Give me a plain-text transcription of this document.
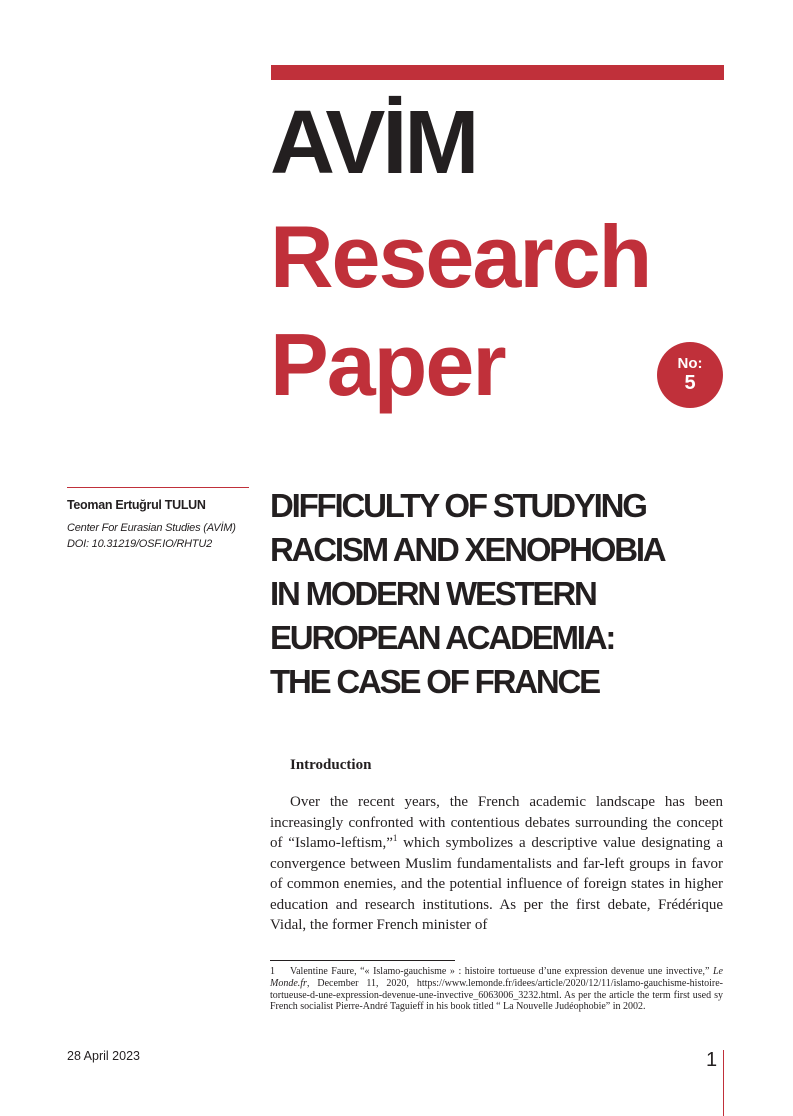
AVİM
Research
Paper	No:
5
Teoman Ertuğrul TULUN
Center For Eurasian Studies (AVİM)
DOI: 10.31219/OSF.IO/RHTU2
DIFFICULTY OF STUDYING
RACISM AND XENOPHOBIA
IN MODERN WESTERN
EUROPEAN ACADEMIA:
THE CASE OF FRANCE
Introduction

Over the recent years, the French academic landscape has been increasingly confronted with contentious debates surrounding the concept of “Islamo-leftism,”$^1$ which symbolizes a descriptive value designating a convergence between Muslim fundamentalists and far-left groups in favor of common enemies, and the potential influence of foreign states in higher education and research institutions. As per the first debate, Frédérique Vidal, the former French minister of

1 Valentine Faure, “« Islamo-gauchisme » : histoire tortueuse d’une expression devenue une invective,” Le Monde.fr, December 11, 2020, https://www.lemonde.fr/idees/article/2020/12/11/islamo-gauchisme-histoire-tortueuse-d-une-expression-devenue-une-invective_6063006_3232.html. As per the article the term first used sy French socialist Pierre-André Taguieff in his book titled “ La Nouvelle Judéophobie” in 2002.

28 April 2023	1
